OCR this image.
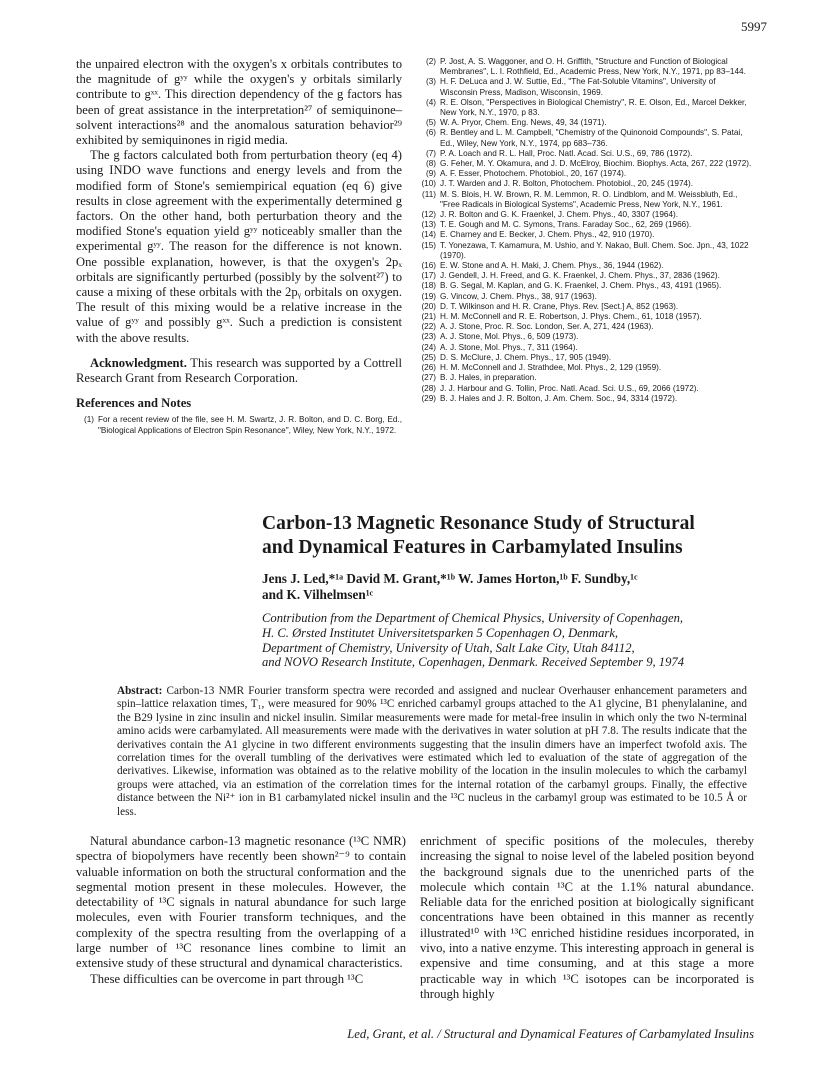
5997

the unpaired electron with the oxygen's x orbitals contributes to the magnitude of gʸʸ while the oxygen's y orbitals similarly contribute to gˣˣ. This direction dependency of the g factors has been of great assistance in the interpretation²⁷ of semiquinone–solvent interactions²⁸ and the anomalous saturation behavior²⁹ exhibited by semiquinones in rigid media.

The g factors calculated both from perturbation theory (eq 4) using INDO wave functions and energy levels and from the modified form of Stone's semiempirical equation (eq 6) give results in close agreement with the experimentally determined g factors. On the other hand, both perturbation theory and the modified Stone's equation yield gʸʸ noticeably smaller than the experimental gʸʸ. The reason for the difference is not known. One possible explanation, however, is that the oxygen's 2pₓ orbitals are significantly perturbed (possibly by the solvent²⁷) to cause a mixing of these orbitals with the 2pᵧ orbitals on oxygen. The result of this mixing would be a relative increase in the value of gʸʸ and possibly gˣˣ. Such a prediction is consistent with the above results.

Acknowledgment. This research was supported by a Cottrell Research Grant from Research Corporation.

References and Notes
(1) For a recent review of the file, see H. M. Swartz, J. R. Bolton, and D. C. Borg, Ed., "Biological Applications of Electron Spin Resonance", Wiley, New York, N.Y., 1972.
(2) P. Jost, A. S. Waggoner, and O. H. Griffith, "Structure and Function of Biological Membranes", L. I. Rothfield, Ed., Academic Press, New York, N.Y., 1971, pp 83–144.
(3) H. F. DeLuca and J. W. Suttie, Ed., "The Fat-Soluble Vitamins", University of Wisconsin Press, Madison, Wisconsin, 1969.
(4) R. E. Olson, "Perspectives in Biological Chemistry", R. E. Olson, Ed., Marcel Dekker, New York, N.Y., 1970, p 83.
(5) W. A. Pryor, Chem. Eng. News, 49, 34 (1971).
(6) R. Bentley and L. M. Campbell, "Chemistry of the Quinonoid Compounds", S. Patai, Ed., Wiley, New York, N.Y., 1974, pp 683–736.
(7) P. A. Loach and R. L. Hall, Proc. Natl. Acad. Sci. U.S., 69, 786 (1972).
(8) G. Feher, M. Y. Okamura, and J. D. McElroy, Biochim. Biophys. Acta, 267, 222 (1972).
(9) A. F. Esser, Photochem. Photobiol., 20, 167 (1974).
(10) J. T. Warden and J. R. Bolton, Photochem. Photobiol., 20, 245 (1974).
(11) M. S. Blois, H. W. Brown, R. M. Lemmon, R. O. Lindblom, and M. Weissbluth, Ed., "Free Radicals in Biological Systems", Academic Press, New York, N.Y., 1961.
(12) J. R. Bolton and G. K. Fraenkel, J. Chem. Phys., 40, 3307 (1964).
(13) T. E. Gough and M. C. Symons, Trans. Faraday Soc., 62, 269 (1966).
(14) E. Charney and E. Becker, J. Chem. Phys., 42, 910 (1970).
(15) T. Yonezawa, T. Kamamura, M. Ushio, and Y. Nakao, Bull. Chem. Soc. Jpn., 43, 1022 (1970).
(16) E. W. Stone and A. H. Maki, J. Chem. Phys., 36, 1944 (1962).
(17) J. Gendell, J. H. Freed, and G. K. Fraenkel, J. Chem. Phys., 37, 2836 (1962).
(18) B. G. Segal, M. Kaplan, and G. K. Fraenkel, J. Chem. Phys., 43, 4191 (1965).
(19) G. Vincow, J. Chem. Phys., 38, 917 (1963).
(20) D. T. Wilkinson and H. R. Crane, Phys. Rev. [Sect.] A, 852 (1963).
(21) H. M. McConnell and R. E. Robertson, J. Phys. Chem., 61, 1018 (1957).
(22) A. J. Stone, Proc. R. Soc. London, Ser. A, 271, 424 (1963).
(23) A. J. Stone, Mol. Phys., 6, 509 (1973).
(24) A. J. Stone, Mol. Phys., 7, 311 (1964).
(25) D. S. McClure, J. Chem. Phys., 17, 905 (1949).
(26) H. M. McConnell and J. Strathdee, Mol. Phys., 2, 129 (1959).
(27) B. J. Hales, in preparation.
(28) J. J. Harbour and G. Tollin, Proc. Natl. Acad. Sci. U.S., 69, 2066 (1972).
(29) B. J. Hales and J. R. Bolton, J. Am. Chem. Soc., 94, 3314 (1972).
Carbon-13 Magnetic Resonance Study of Structural
and Dynamical Features in Carbamylated Insulins

Jens J. Led,*¹ᵃ David M. Grant,*¹ᵇ W. James Horton,¹ᵇ F. Sundby,¹ᶜ
and K. Vilhelmsen¹ᶜ

Contribution from the Department of Chemical Physics, University of Copenhagen,
H. C. Ørsted Institutet Universitetsparken 5 Copenhagen O, Denmark,
Department of Chemistry, University of Utah, Salt Lake City, Utah 84112,
and NOVO Research Institute, Copenhagen, Denmark. Received September 9, 1974

Abstract: Carbon-13 NMR Fourier transform spectra were recorded and assigned and nuclear Overhauser enhancement parameters and spin–lattice relaxation times, T₁, were measured for 90% ¹³C enriched carbamyl groups attached to the A1 glycine, B1 phenylalanine, and the B29 lysine in zinc insulin and nickel insulin. Similar measurements were made for metal-free insulin in which only the two N-terminal amino acids were carbamylated. All measurements were made with the derivatives in water solution at pH 7.8. The results indicate that the derivatives contain the A1 glycine in two different environments suggesting that the insulin dimers have an imperfect twofold axis. The correlation times for the overall tumbling of the derivatives were estimated which led to evaluation of the state of aggregation of the derivatives. Likewise, information was obtained as to the relative mobility of the location in the insulin molecules to which the carbamyl groups were attached, via an estimation of the correlation times for the internal rotation of the carbamyl groups. Finally, the effective distance between the Ni²⁺ ion in B1 carbamylated nickel insulin and the ¹³C nucleus in the carbamyl group was estimated to be 10.5 Å or less.

Natural abundance carbon-13 magnetic resonance (¹³C NMR) spectra of biopolymers have recently been shown²⁻⁹ to contain valuable information on both the structural conformation and the segmental motion present in these molecules. However, the detectability of ¹³C signals in natural abundance for such large molecules, even with Fourier transform techniques, and the complexity of the spectra resulting from the overlapping of a large number of ¹³C resonance lines combine to limit an extensive study of these structural and dynamical characteristics.

These difficulties can be overcome in part through ¹³C

enrichment of specific positions of the molecules, thereby increasing the signal to noise level of the labeled position beyond the background signals due to the unenriched parts of the molecule which contain ¹³C at the 1.1% natural abundance. Reliable data for the enriched position at biologically significant concentrations have been obtained in this manner as recently illustrated¹⁰ with ¹³C enriched histidine residues incorporated, in vivo, into a native enzyme. This interesting approach in general is expensive and time consuming, and at this stage a more practicable way in which ¹³C isotopes can be incorporated is through highly

Led, Grant, et al. / Structural and Dynamical Features of Carbamylated Insulins
